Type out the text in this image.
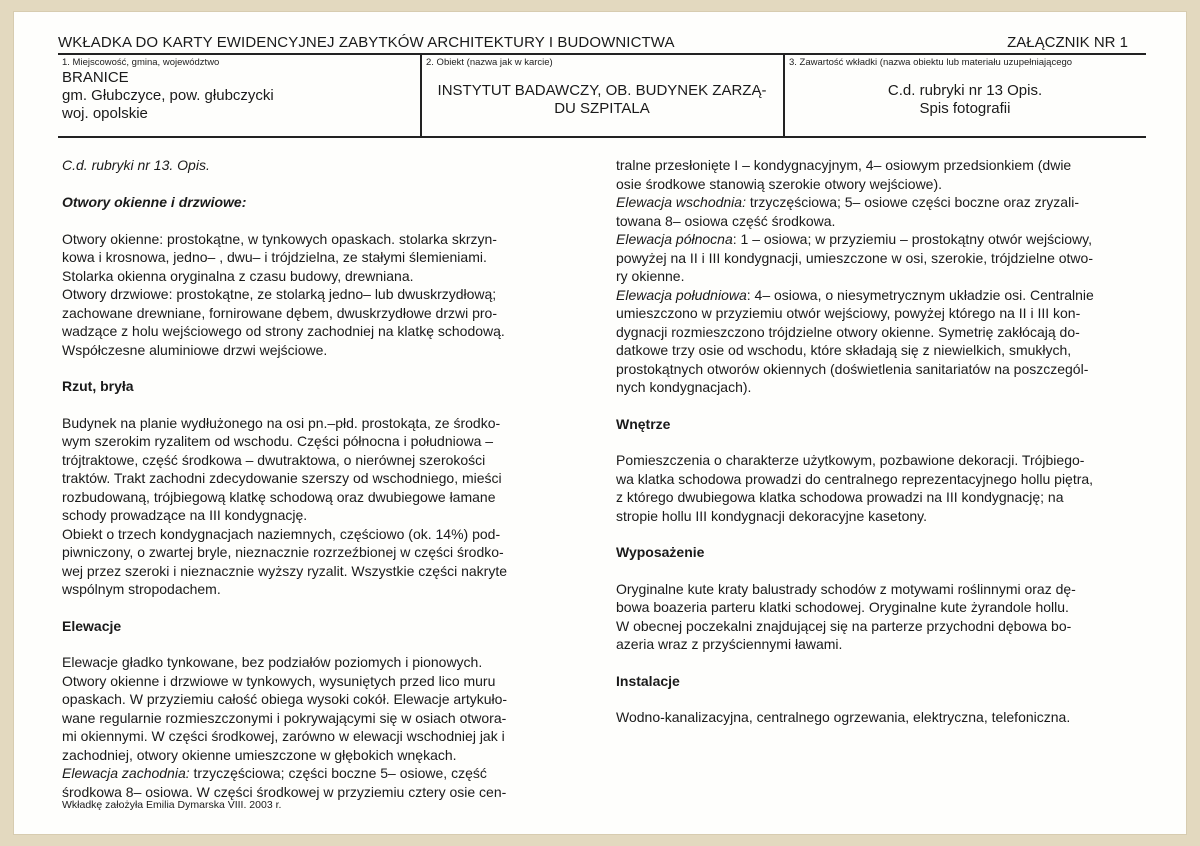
WKŁADKA DO KARTY EWIDENCYJNEJ ZABYTKÓW ARCHITEKTURY I BUDOWNICTWA	ZAŁĄCZNIK NR 1
1. Miejscowość, gmina, województwo
BRANICE
gm. Głubczyce, pow. głubczycki
woj. opolskie
2. Obiekt (nazwa jak w karcie)
INSTYTUT BADAWCZY, OB. BUDYNEK ZARZĄ-
DU SZPITALA
3. Zawartość wkładki (nazwa obiektu lub materiału uzupełniającego
C.d. rubryki nr 13 Opis.
Spis fotografii

C.d. rubryki nr 13. Opis.

Otwory okienne i drzwiowe:

Otwory okienne: prostokątne, w tynkowych opaskach. stolarka skrzyn-

kowa i krosnowa, jedno– , dwu– i trójdzielna, ze stałymi ślemieniami.

Stolarka okienna oryginalna z czasu budowy, drewniana.

Otwory drzwiowe: prostokątne, ze stolarką jedno– lub dwuskrzydłową;

zachowane drewniane, fornirowane dębem, dwuskrzydłowe drzwi pro-

wadzące z holu wejściowego od strony zachodniej na klatkę schodową.

Współczesne aluminiowe drzwi wejściowe.

Rzut, bryła

Budynek na planie wydłużonego na osi pn.–płd. prostokąta, ze środko-

wym szerokim ryzalitem od wschodu. Części północna i południowa –

trójtraktowe, część środkowa – dwutraktowa, o nierównej szerokości

traktów. Trakt zachodni zdecydowanie szerszy od wschodniego, mieści

rozbudowaną, trójbiegową klatkę schodową oraz dwubiegowe łamane

schody prowadzące na III kondygnację.

Obiekt o trzech kondygnacjach naziemnych, częściowo (ok. 14%) pod-

piwniczony, o zwartej bryle, nieznacznie rozrzeźbionej w części środko-

wej przez szeroki i nieznacznie wyższy ryzalit. Wszystkie części nakryte

wspólnym stropodachem.

Elewacje

Elewacje gładko tynkowane, bez podziałów poziomych i pionowych.

Otwory okienne i drzwiowe w tynkowych, wysuniętych przed lico muru

opaskach. W przyziemiu całość obiega wysoki cokół. Elewacje artykuło-

wane regularnie rozmieszczonymi i pokrywającymi się w osiach otwora-

mi okiennymi. W części środkowej, zarówno w elewacji wschodniej jak i

zachodniej, otwory okienne umieszczone w głębokich wnękach.

Elewacja zachodnia: trzyczęściowa; części boczne 5– osiowe, część

środkowa 8– osiowa. W części środkowej w przyziemiu cztery osie cen-

tralne przesłonięte I – kondygnacyjnym, 4– osiowym przedsionkiem (dwie

osie środkowe stanowią szerokie otwory wejściowe).

Elewacja wschodnia: trzyczęściowa; 5– osiowe części boczne oraz zryzali-

towana 8– osiowa część środkowa.

Elewacja północna: 1 – osiowa; w przyziemiu – prostokątny otwór wejściowy,

powyżej na II i III kondygnacji, umieszczone w osi, szerokie, trójdzielne otwo-

ry okienne.

Elewacja południowa: 4– osiowa, o niesymetrycznym układzie osi. Centralnie

umieszczono w przyziemiu otwór wejściowy, powyżej którego na II i III kon-

dygnacji rozmieszczono trójdzielne otwory okienne. Symetrię zakłócają do-

datkowe trzy osie od wschodu, które składają się z niewielkich, smukłych,

prostokątnych otworów okiennych (doświetlenia sanitariatów na poszczegól-

nych kondygnacjach).

Wnętrze

Pomieszczenia o charakterze użytkowym, pozbawione dekoracji. Trójbiego-

wa klatka schodowa prowadzi do centralnego reprezentacyjnego hollu piętra,

z którego dwubiegowa klatka schodowa prowadzi na III kondygnację; na

stropie hollu III kondygnacji dekoracyjne kasetony.

Wyposażenie

Oryginalne kute kraty balustrady schodów z motywami roślinnymi oraz dę-

bowa boazeria parteru klatki schodowej. Oryginalne kute żyrandole hollu.

W obecnej poczekalni znajdującej się na parterze przychodni dębowa bo-

azeria wraz z przyściennymi ławami.

Instalacje

Wodno-kanalizacyjna, centralnego ogrzewania, elektryczna, telefoniczna.

Wkładkę założyła Emilia Dymarska VIII. 2003 r.
